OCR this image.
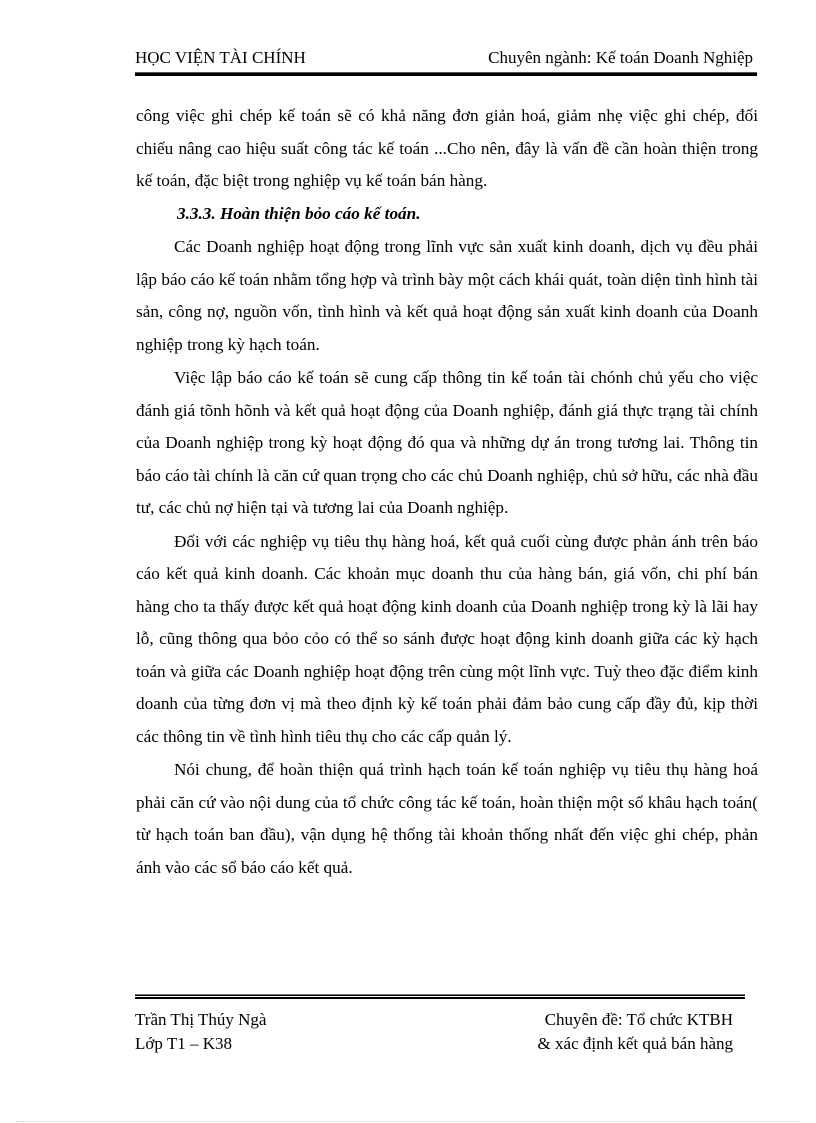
HỌC VIỆN TÀI CHÍNH	Chuyên ngành: Kế toán Doanh Nghiệp

công việc ghi chép kế toán sẽ có khả năng đơn giản hoá, giảm nhẹ việc ghi chép, đối chiếu nâng cao hiệu suất công tác kế toán ...Cho nên, đây là vấn đề cần hoàn thiện trong kế toán, đặc biệt trong nghiệp vụ kế toán bán hàng.

3.3.3. Hoàn thiện bỏo cáo kế toán.

Các Doanh nghiệp hoạt động trong lĩnh vực sản xuất kinh doanh, dịch vụ đều phải lập báo cáo kế toán nhằm tổng hợp và trình bày một cách khái quát, toàn diện tình hình tài sản, công nợ, nguồn vốn, tình hình và kết quả hoạt động sản xuất kinh doanh của Doanh nghiệp trong kỳ hạch toán.

Việc lập báo cáo kế toán sẽ cung cấp thông tin kế toán tài chónh chủ yếu cho việc đánh giá tõnh hõnh và kết quả hoạt động của Doanh nghiệp, đánh giá thực trạng tài chính của Doanh nghiệp trong kỳ hoạt động đó qua và những dự án trong tương lai. Thông tin báo cáo tài chính là căn cứ quan trọng cho các chủ Doanh nghiệp, chủ sở hữu, các nhà đầu tư, các chủ nợ hiện tại và tương lai của Doanh nghiệp.

Đối với các nghiệp vụ tiêu thụ hàng hoá, kết quả cuối cùng được phản ánh trên báo cáo kết quả kinh doanh. Các khoản mục doanh thu của hàng bán, giá vốn, chi phí bán hàng cho ta thấy được kết quả hoạt động kinh doanh của Doanh nghiệp trong kỳ là lãi hay lỗ, cũng thông qua bỏo cỏo có thể so sánh được hoạt động kinh doanh giữa các kỳ hạch toán và giữa các Doanh nghiệp hoạt động trên cùng một lĩnh vực. Tuỳ theo đặc điểm kinh doanh của từng đơn vị mà theo định kỳ kế toán phải đảm bảo cung cấp đầy đủ, kịp thời các thông tin về tình hình tiêu thụ cho các cấp quản lý.

Nói chung, để hoàn thiện quá trình hạch toán kế toán nghiệp vụ tiêu thụ hàng hoá phải căn cứ vào nội dung của tổ chức công tác kế toán, hoàn thiện một số khâu hạch toán( từ hạch toán ban đầu), vận dụng hệ thống tài khoản thống nhất đến việc ghi chép, phản ánh vào các sổ báo cáo kết quả.

Trần Thị Thúy Ngà
Lớp T1 – K38
Chuyên đề: Tổ chức KTBH
& xác định kết quả bán hàng
